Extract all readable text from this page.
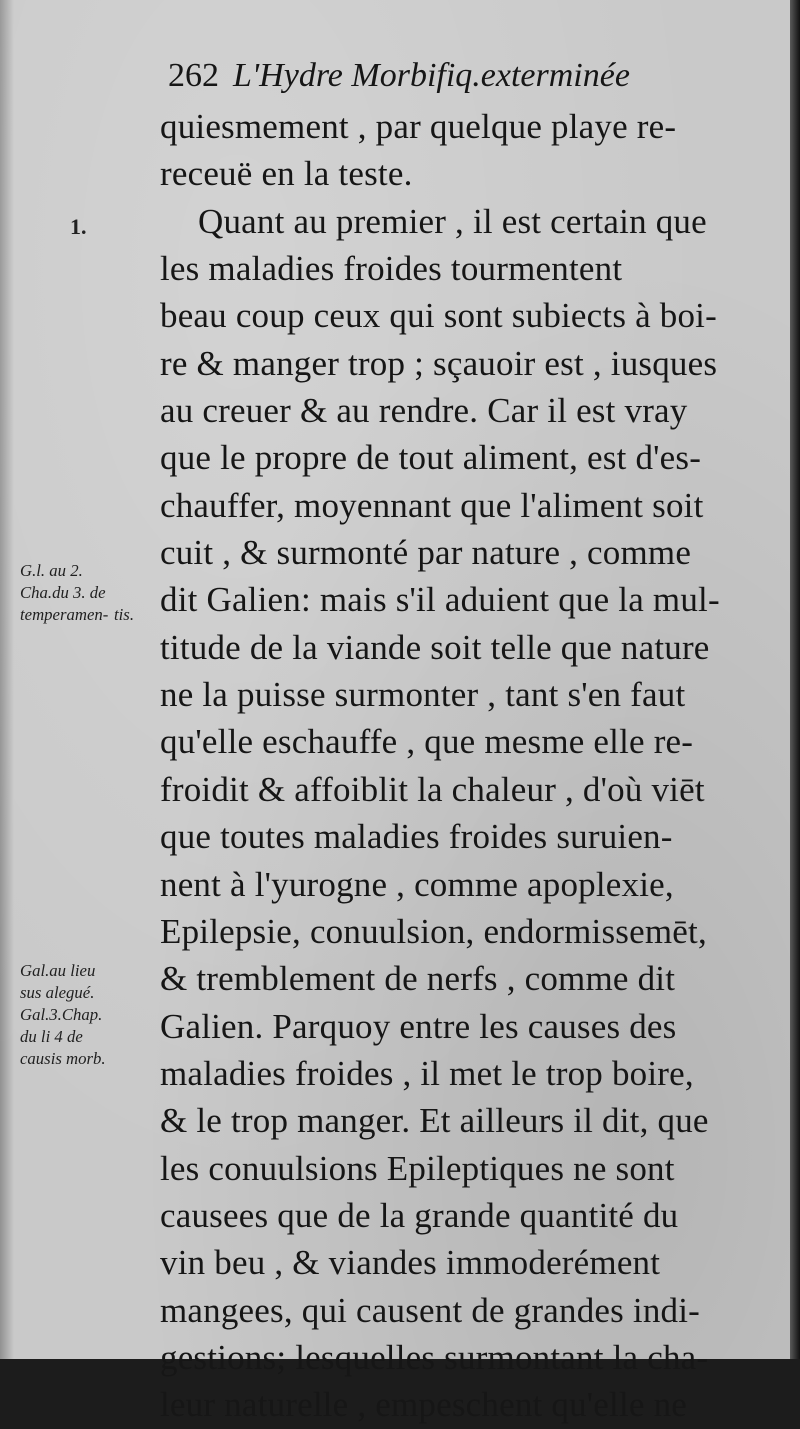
262 L'Hydre Morbifiq.exterminée
1.
G.l. au 2. Cha.du 3. de temperamen- tis.
Gal.au lieu sus alegué. Gal.3.Chap. du li 4 de causis morb.
quiesmement , par quelque playe re-
receuë en la teste.
Quant au premier , il est certain que
les maladies froides tourmentent
beau coup ceux qui sont subiects à boi-
re & manger trop ; sçauoir est , iusques
au creuer & au rendre. Car il est vray
que le propre de tout aliment, est d'es-
chauffer, moyennant que l'aliment soit
cuit , & surmonté par nature , comme
dit Galien: mais s'il aduient que la mul-
titude de la viande soit telle que nature
ne la puisse surmonter , tant s'en faut
qu'elle eschauffe , que mesme elle re-
froidit & affoiblit la chaleur , d'où viēt
que toutes maladies froides suruien-
nent à l'yurogne , comme apoplexie,
Epilepsie, conuulsion, endormissemēt,
& tremblement de nerfs , comme dit
Galien. Parquoy entre les causes des
maladies froides , il met le trop boire,
& le trop manger. Et ailleurs il dit, que
les conuulsions Epileptiques ne sont
causees que de la grande quantité du
vin beu , & viandes immoderément
mangees, qui causent de grandes indi-
gestions; lesquelles surmontant la cha-
leur naturelle , empeschent qu'elle ne
